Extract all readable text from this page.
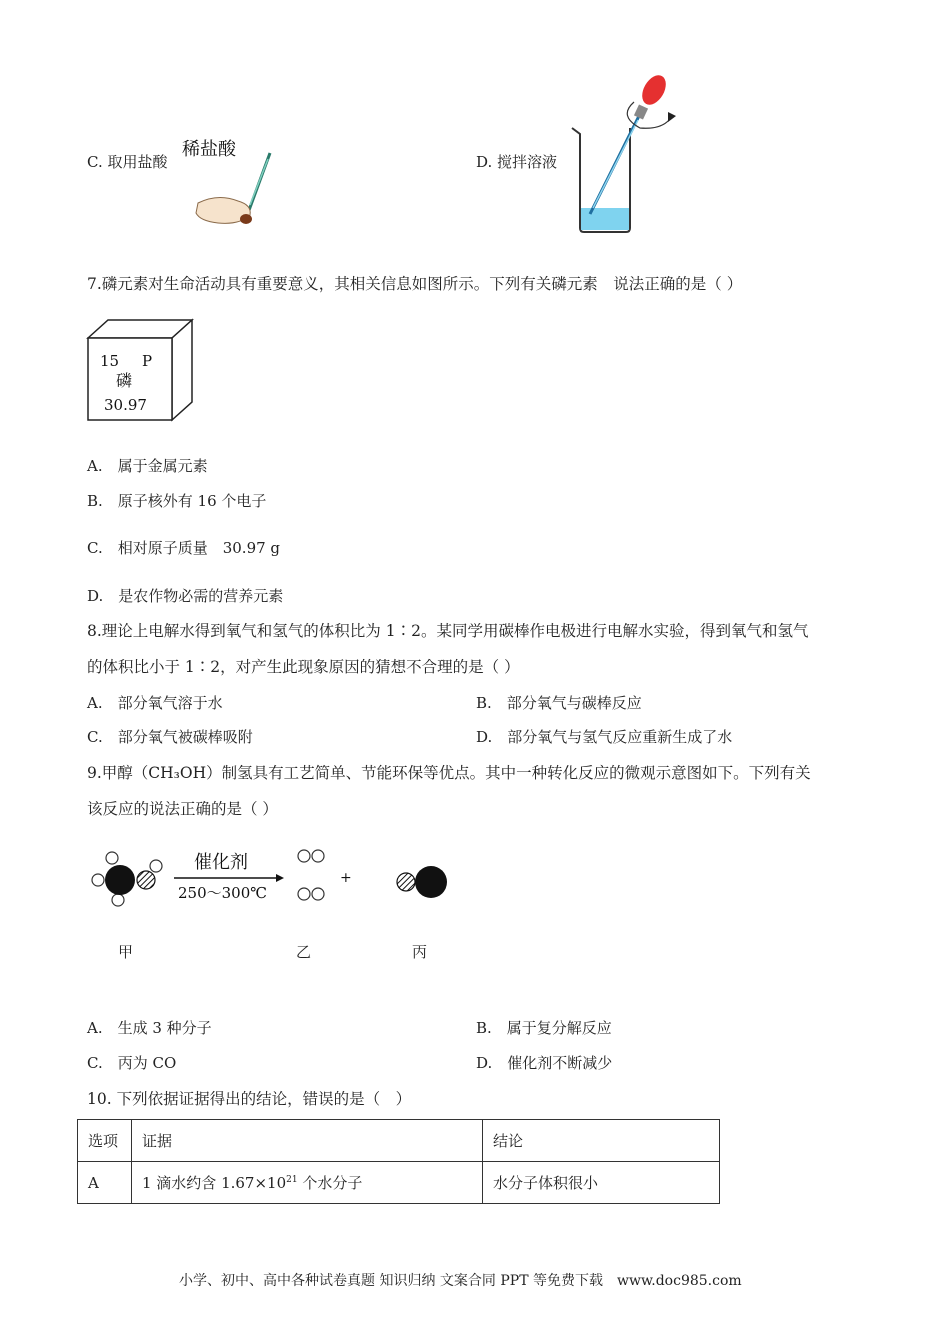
C. 取用盐酸
稀盐酸
D. 搅拌溶液
7.磷元素对生命活动具有重要意义，其相关信息如图所示。下列有关磷元素　说法正确的是（ ）
15 P
磷
30.97
A.　属于金属元素
B.　原子核外有 16 个电子
C.　相对原子质量　30.97 g
D.　是农作物必需的营养元素
8.理论上电解水得到氧气和氢气的体积比为 1∶2。某同学用碳棒作电极进行电解水实验，得到氧气和氢气
的体积比小于 1∶2，对产生此现象原因的猜想不合理的是（ ）
A.　部分氧气溶于水	B.　部分氧气与碳棒反应
C.　部分氧气被碳棒吸附	D.　部分氧气与氢气反应重新生成了水
9.甲醇（CH₃OH）制氢具有工艺简单、节能环保等优点。其中一种转化反应的微观示意图如下。下列有关
该反应的说法正确的是（ ）
催化剂
250～300℃
+
甲	乙	丙
A.　生成 3 种分子	B.　属于复分解反应
C.　丙为 CO	D.　催化剂不断减少
10. 下列依据证据得出的结论，错误的是（　）
选项	证据	结论
A	1 滴水约含 $1.67\times 10^{21}$ 个水分子	水分子体积很小
小学、初中、高中各种试卷真题 知识归纳 文案合同 PPT 等免费下载　www.doc985.com
